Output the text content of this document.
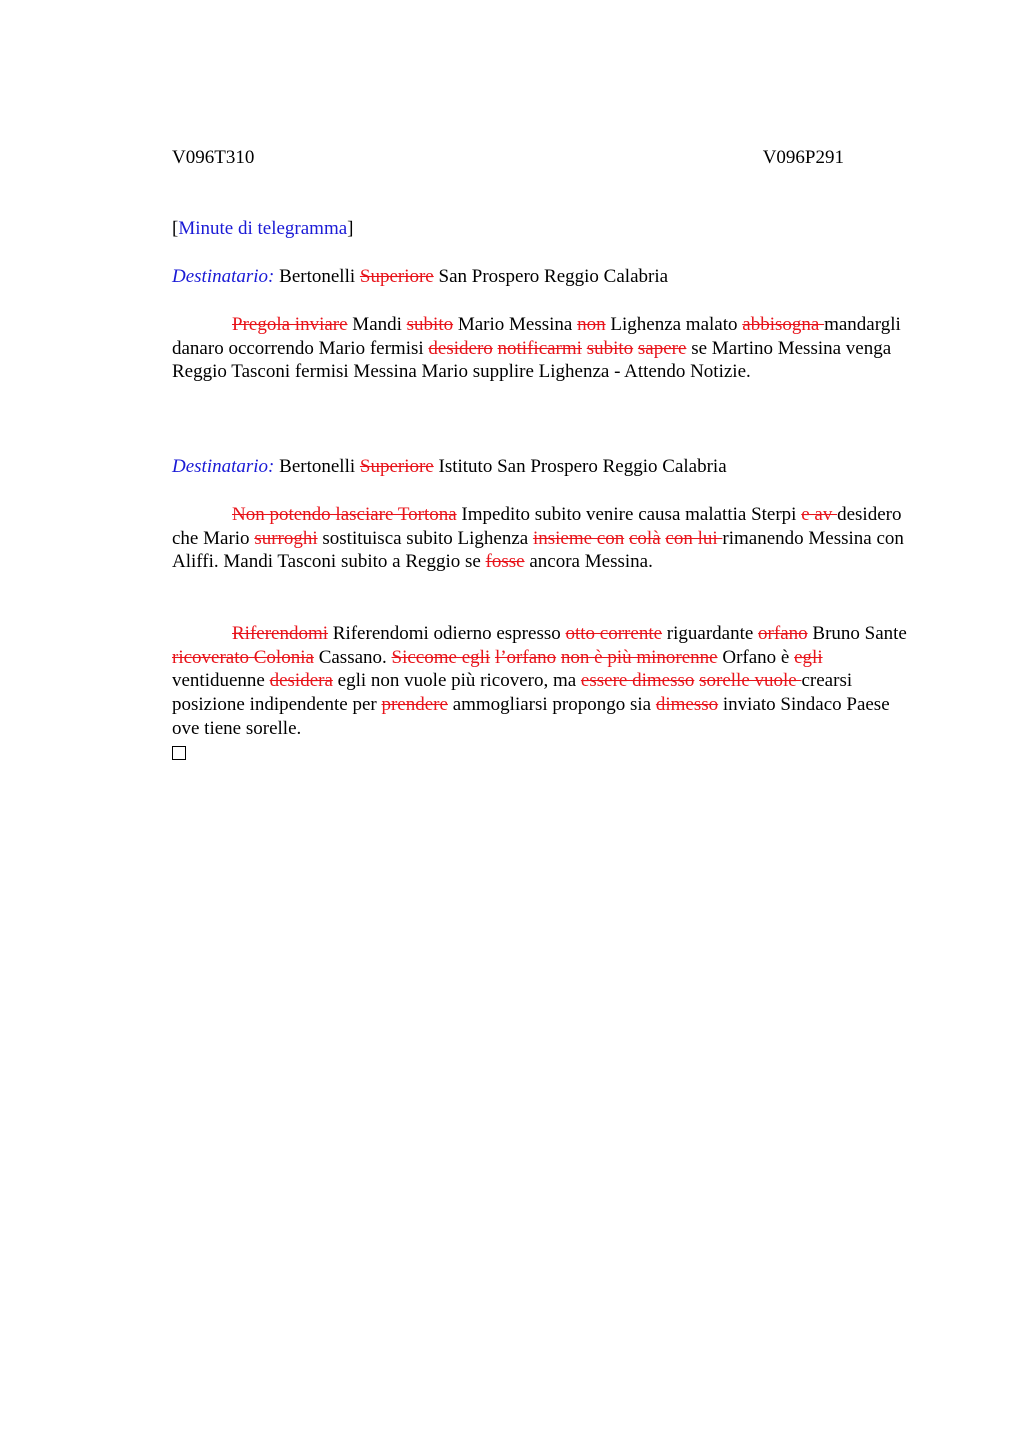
V096T310	V096P291
[Minute di telegramma]
Destinatario: Bertonelli Superiore San Prospero Reggio Calabria

Pregola inviare Mandi subito Mario Messina non Lighenza malato abbisogna mandargli danaro occorrendo Mario fermisi desidero notificarmi subito sapere se Martino Messina venga Reggio Tasconi fermisi Messina Mario supplire Lighenza - Attendo Notizie.

Destinatario: Bertonelli Superiore Istituto San Prospero Reggio Calabria

Non potendo lasciare Tortona Impedito subito venire causa malattia Sterpi e av desidero che Mario surroghi sostituisca subito Lighenza insieme con colà con lui rimanendo Messina con Aliffi. Mandi Tasconi subito a Reggio se fosse ancora Messina.

Riferendomi Riferendomi odierno espresso otto corrente riguardante orfano Bruno Sante ricoverato Colonia Cassano. Siccome egli l’orfano non è più minorenne Orfano è egli ventiduenne desidera egli non vuole più ricovero, ma essere dimesso sorelle vuole crearsi posizione indipendente per prendere ammogliarsi propongo sia dimesso inviato Sindaco Paese ove tiene sorelle.
